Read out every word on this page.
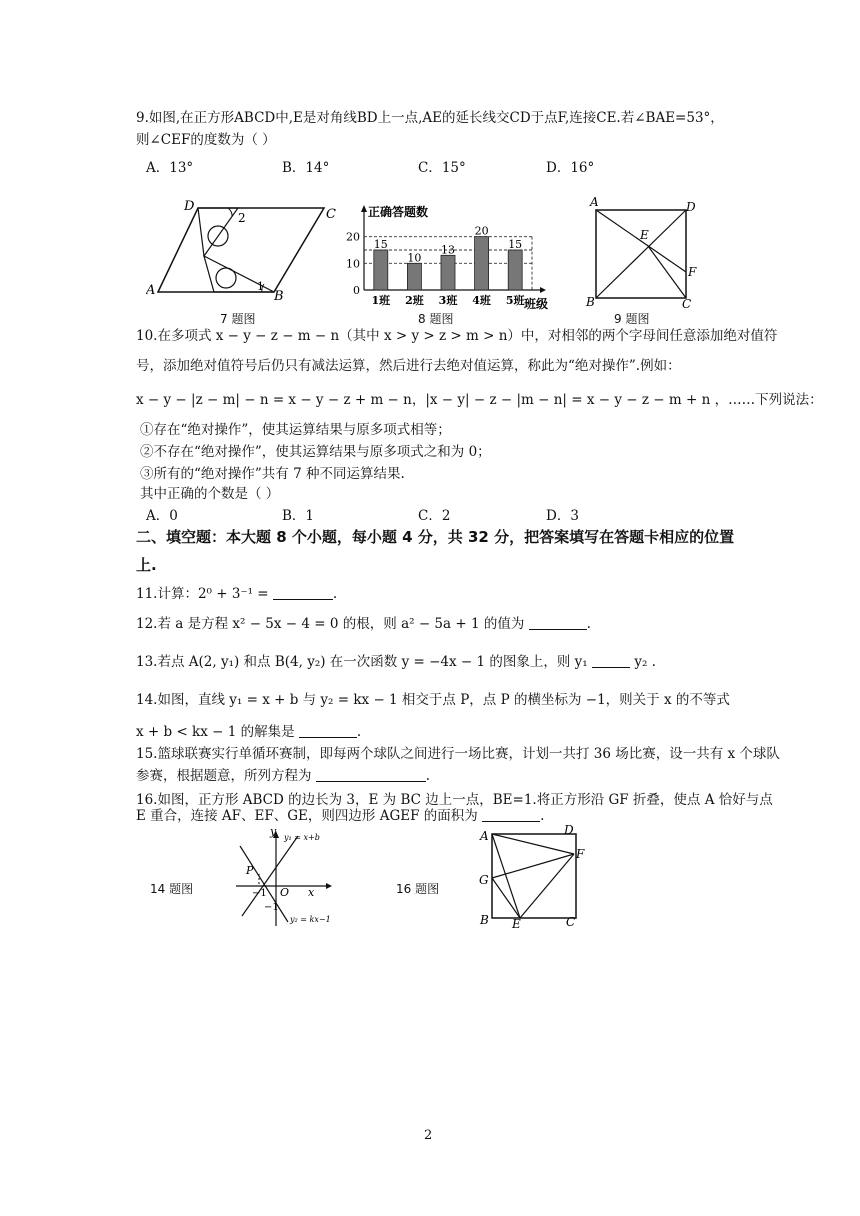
9.如图,在正方形ABCD中,E是对角线BD上一点,AE的延长线交CD于点F,连接CE.若∠BAE=53°，
则∠CEF的度数为（ ）
A．13°	B．14°	C．15°	D．16°
D
C
A	B
2
1
7 题图
正确答题数
班级
0
10
20
15
1班
10
2班
13
3班
20
4班
15
5班
8 题图
A	D
E
F
B	C
9 题图
10.在多项式 x − y − z − m − n（其中 x > y > z > m > n）中，对相邻的两个字母间任意添加绝对值符
号，添加绝对值符号后仍只有减法运算，然后进行去绝对值运算，称此为“绝对操作”.例如：
x − y − |z − m| − n = x − y − z + m − n，|x − y| − z − |m − n| = x − y − z − m + n ，……下列说法：
①存在“绝对操作”，使其运算结果与原多项式相等；
②不存在“绝对操作”，使其运算结果与原多项式之和为 0；
③所有的“绝对操作”共有 7 种不同运算结果.
其中正确的个数是（ ）
A．0	B．1	C．2	D．3
二、填空题：本大题 8 个小题，每小题 4 分，共 32 分，把答案填写在答题卡相应的位置
上.
11.计算：2⁰ + 3⁻¹ =	.
12.若 a 是方程 x² − 5x − 4 = 0 的根，则 a² − 5a + 1 的值为	.
13.若点 A(2, y₁) 和点 B(4, y₂) 在一次函数 y = −4x − 1 的图象上，则 y₁	y₂ .
14.如图，直线 y₁ = x + b 与 y₂ = kx − 1 相交于点 P，点 P 的横坐标为 −1，则关于 x 的不等式
x + b < kx − 1 的解集是	.
15.篮球联赛实行单循环赛制，即每两个球队之间进行一场比赛，计划一共打 36 场比赛，设一共有 x 个球队
参赛，根据题意，所列方程为	.
16.如图，正方形 ABCD 的边长为 3，E 为 BC 边上一点，BE=1.将正方形沿 GF 折叠，使点 A 恰好与点
E 重合，连接 AF、EF、GE，则四边形 AGEF 的面积为	.
14 题图
y y₁ = x+b
P
−1 O x
−1
y₂ = kx−1
16 题图
A	D
F
G
B E	C
2
